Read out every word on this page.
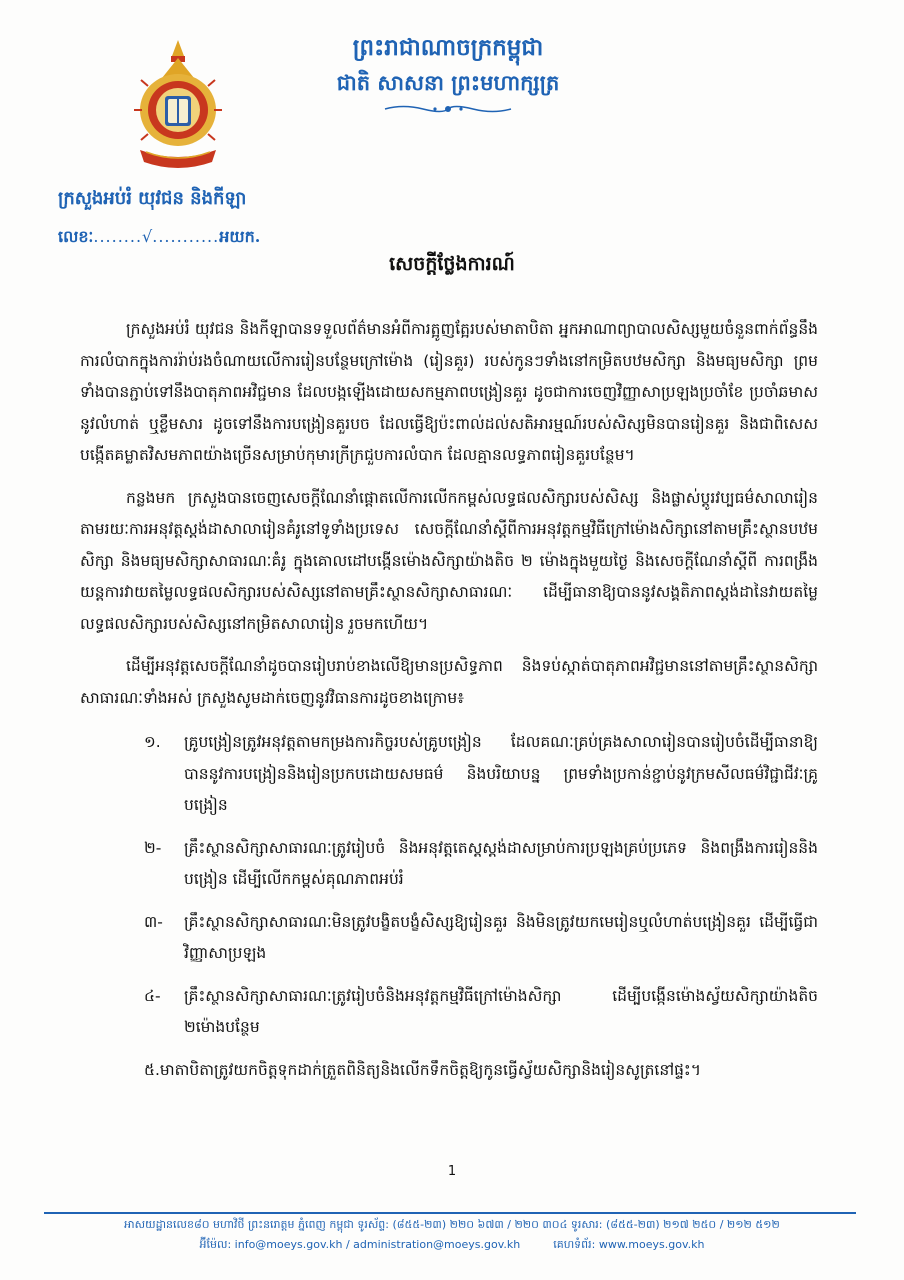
ព្រះរាជាណាចក្រកម្ពុជា
ជាតិ សាសនា ព្រះមហាក្សត្រ
ក្រសួងអប់រំ យុវជន និងកីឡា
លេខៈ........√...........អយក.
សេចក្តីថ្លែងការណ៍

ក្រសួងអប់រំ យុវជន និងកីឡាបានទទួលព័ត៌មានអំពីការត្អូញត្អែរបស់មាតាបិតា អ្នកអាណាព្យាបាលសិស្សមួយចំនួនពាក់ព័ន្ធនឹងការលំបាកក្នុងការរ៉ាប់រងចំណាយលើការរៀនបន្ថែមក្រៅម៉ោង (រៀនគួរ) របស់កូនៗទាំងនៅកម្រិតបឋមសិក្សា និងមធ្យមសិក្សា ព្រមទាំងបានភ្ជាប់ទៅនឹងបាតុភាពអវិជ្ជមាន ដែលបង្កឡើងដោយសកម្មភាពបង្រៀនគួរ ដូចជាការចេញវិញ្ញាសាប្រឡងប្រចាំខែ ប្រចាំឆមាសនូវលំហាត់ ឬខ្លឹមសារ ដូចទៅនឹងការបង្រៀនគួរបច ដែលធ្វើឱ្យប៉ះពាល់ដល់សតិអារម្មណ៍របស់សិស្សមិនបានរៀនគួរ និងជាពិសេសបង្កើតគម្លាតវិសមភាពយ៉ាងច្រើនសម្រាប់កុមារក្រីក្រជួបការលំបាក ដែលគ្មានលទ្ធភាពរៀនគួរបន្ថែម។

កន្លងមក ក្រសួងបានចេញសេចក្តីណែនាំផ្តោតលើការលើកកម្ពស់លទ្ធផលសិក្សារបស់សិស្ស និងផ្លាស់ប្តូរវប្បធម៌សាលារៀន តាមរយៈការអនុវត្តស្តង់ដាសាលារៀនគំរូនៅទូទាំងប្រទេស សេចក្តីណែនាំស្តីពីការអនុវត្តកម្មវិធីក្រៅម៉ោងសិក្សានៅតាមគ្រឹះស្ថានបឋមសិក្សា និងមធ្យមសិក្សាសាធារណៈគំរូ ក្នុងគោលដៅបង្កើនម៉ោងសិក្សាយ៉ាងតិច ២ ម៉ោងក្នុងមួយថ្ងៃ និងសេចក្តីណែនាំស្តីពី ការពង្រឹងយន្តការវាយតម្លៃលទ្ធផលសិក្សារបស់សិស្សនៅតាមគ្រឹះស្ថានសិក្សាសាធារណៈ ដើម្បីធានាឱ្យបាននូវសង្គតិភាពស្តង់ដានៃវាយតម្លៃលទ្ធផលសិក្សារបស់សិស្សនៅកម្រិតសាលារៀន រួចមកហើយ។

ដើម្បីអនុវត្តសេចក្តីណែនាំដូចបានរៀបរាប់ខាងលើឱ្យមានប្រសិទ្ធភាព និងទប់ស្កាត់បាតុភាពអវិជ្ជមាននៅតាមគ្រឹះស្ថានសិក្សាសាធារណៈទាំងអស់ ក្រសួងសូមដាក់ចេញនូវវិធានការដូចខាងក្រោម៖

១.	គ្រូបង្រៀនត្រូវអនុវត្តតាមកម្រងការកិច្ចរបស់គ្រូបង្រៀន ដែលគណៈគ្រប់គ្រងសាលារៀនបានរៀបចំដើម្បីធានាឱ្យបាននូវការបង្រៀននិងរៀនប្រកបដោយសមធម៌ និងបរិយាបន្ន ព្រមទាំងប្រកាន់ខ្ជាប់នូវក្រមសីលធម៌វិជ្ជាជីវៈគ្រូបង្រៀន
២-	គ្រឹះស្ថានសិក្សាសាធារណៈត្រូវរៀបចំ និងអនុវត្តតេស្តស្តង់ដាសម្រាប់ការប្រឡងគ្រប់ប្រភេទ និងពង្រឹងការរៀននិងបង្រៀន ដើម្បីលើកកម្ពស់គុណភាពអប់រំ
៣-	គ្រឹះស្ថានសិក្សាសាធារណៈមិនត្រូវបង្ខិតបង្ខំសិស្សឱ្យរៀនគួរ និងមិនត្រូវយកមេរៀនឬលំហាត់បង្រៀនគួរ ដើម្បីធ្វើជាវិញ្ញាសាប្រឡង
៤-	គ្រឹះស្ថានសិក្សាសាធារណៈត្រូវរៀបចំនិងអនុវត្តកម្មវិធីក្រៅម៉ោងសិក្សា ដើម្បីបង្កើនម៉ោងស្វ័យសិក្សាយ៉ាងតិច ២ម៉ោងបន្ថែម
៥.មាតាបិតាត្រូវយកចិត្តទុកដាក់ត្រួតពិនិត្យនិងលើកទឹកចិត្តឱ្យកូនធ្វើស្វ័យសិក្សានិងរៀនសូត្រនៅផ្ទះ។
1
អាសយដ្ឋានលេខ៨០ មហាវិថី ព្រះនរោត្តម ភ្នំពេញ កម្ពុជា ទូរស័ព្ទ: (៨៥៥-២៣) ២២០ ៦៧៣ / ២២០ ៣០៤ ទូរសារ: (៨៥៥-២៣) ២១៧ ២៥០ / ២១២ ៥១២
អ៊ីម៉ែល: info@moeys.gov.kh / administration@moeys.gov.kh	គេហទំព័រ: www.moeys.gov.kh
